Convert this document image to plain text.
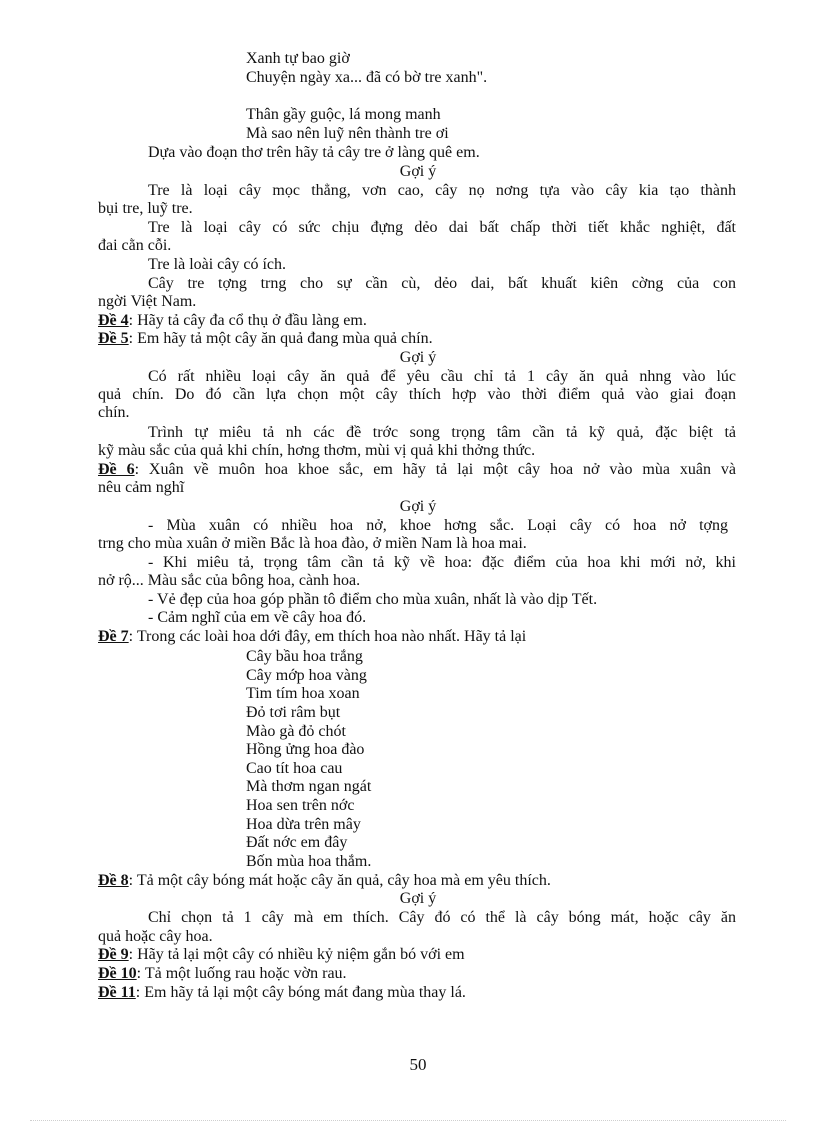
Xanh tự bao giờ
Chuyện ngày xa... đã có bờ tre xanh".
Thân gầy guộc, lá mong manh
Mà sao nên luỹ nên thành tre ơi
Dựa vào đoạn thơ trên hãy tả cây tre ở làng quê em.
Gợi ý
Tre là loại cây mọc thẳng, vơn cao, cây nọ nơng tựa vào cây kia tạo thành
bụi tre, luỹ tre.
Tre là loại cây có sức chịu đựng dẻo dai bất chấp thời tiết khắc nghiệt, đất
đai cằn cỗi.
Tre là loài cây có ích.
Cây tre tợng trng cho sự cần cù, dẻo dai, bất khuất kiên cờng của con
ngời Việt Nam.
Đề 4: Hãy tả cây đa cổ thụ ở đầu làng em.
Đề 5: Em hãy tả một cây ăn quả đang mùa quả chín.
Gợi ý
Có rất nhiều loại cây ăn quả để yêu cầu chỉ tả 1 cây ăn quả nhng vào lúc
quả chín. Do đó cần lựa chọn một cây thích hợp vào thời điểm quả vào giai đoạn
chín.
Trình tự miêu tả nh các đề trớc song trọng tâm cần tả kỹ quả, đặc biệt tả
kỹ màu sắc của quả khi chín, hơng thơm, mùi vị quả khi thởng thức.
Đề 6: Xuân về muôn hoa khoe sắc, em hãy tả lại một cây hoa nở vào mùa xuân và
nêu cảm nghĩ
Gợi ý
- Mùa xuân có nhiều hoa nở, khoe hơng sắc. Loại cây có hoa nở tợng
trng cho mùa xuân ở miền Bắc là hoa đào, ở miền Nam là hoa mai.
- Khi miêu tả, trọng tâm cần tả kỹ về hoa: đặc điểm của hoa khi mới nở, khi
nở rộ... Màu sắc của bông hoa, cành hoa.
- Vẻ đẹp của hoa góp phần tô điểm cho mùa xuân, nhất là vào dịp Tết.
- Cảm nghĩ của em về cây hoa đó.
Đề 7: Trong các loài hoa dới đây, em thích hoa nào nhất. Hãy tả lại
Cây bầu hoa trắng
Cây mớp hoa vàng
Tim tím hoa xoan
Đỏ tơi râm bụt
Mào gà đỏ chót
Hồng ửng hoa đào
Cao tít hoa cau
Mà thơm ngan ngát
Hoa sen trên nớc
Hoa dừa trên mây
Đất nớc em đây
Bốn mùa hoa thắm.
Đề 8: Tả một cây bóng mát hoặc cây ăn quả, cây hoa mà em yêu thích.
Gợi ý
Chỉ chọn tả 1 cây mà em thích. Cây đó có thể là cây bóng mát, hoặc cây ăn
quả hoặc cây hoa.
Đề 9: Hãy tả lại một cây có nhiều kỷ niệm gắn bó với em
Đề 10: Tả một luống rau hoặc vờn rau.
Đề 11: Em hãy tả lại một cây bóng mát đang mùa thay lá.
50
